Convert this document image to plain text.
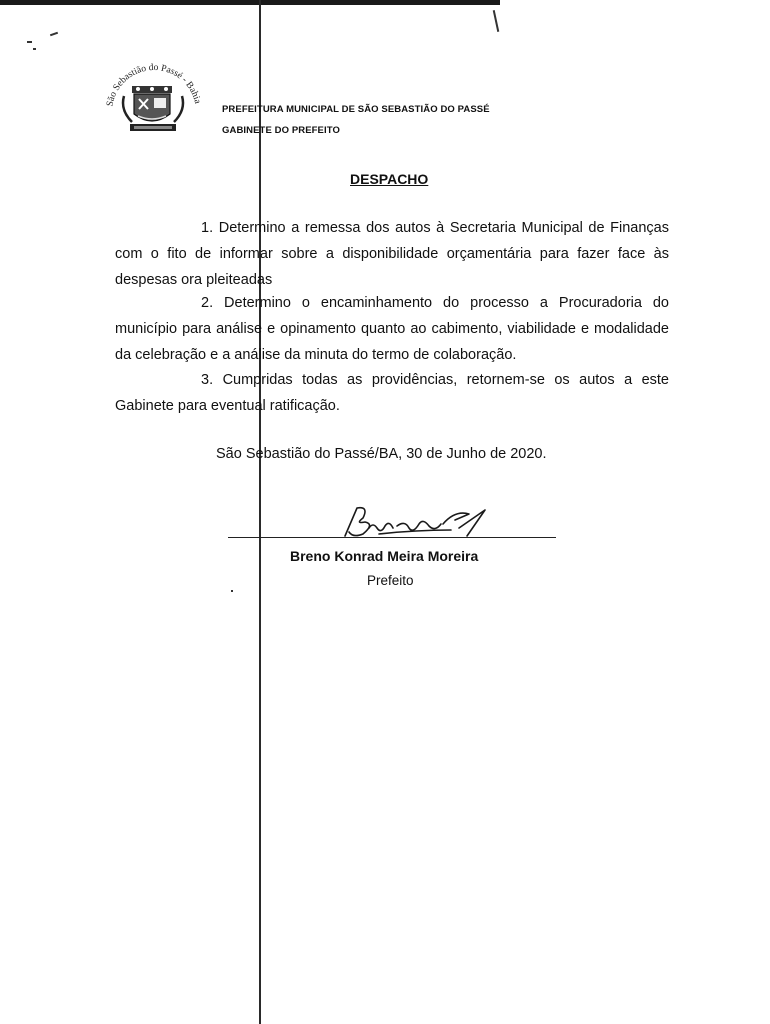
São Sebastião do Passé - Bahia
PREFEITURA MUNICIPAL DE SÃO SEBASTIÃO DO PASSÉ
GABINETE DO PREFEITO
DESPACHO

1. Determino a remessa dos autos à Secretaria Municipal de Finanças com o fito de informar sobre a disponibilidade orçamentária para fazer face às despesas ora pleiteadas

2. Determino o encaminhamento do processo a Procuradoria do município para análise e opinamento quanto ao cabimento, viabilidade e modalidade da celebração e a análise da minuta do termo de colaboração.

3. Cumpridas todas as providências, retornem-se os autos a este Gabinete para eventual ratificação.

São Sebastião do Passé/BA, 30 de Junho de 2020.
Breno Konrad Meira Moreira
Prefeito
